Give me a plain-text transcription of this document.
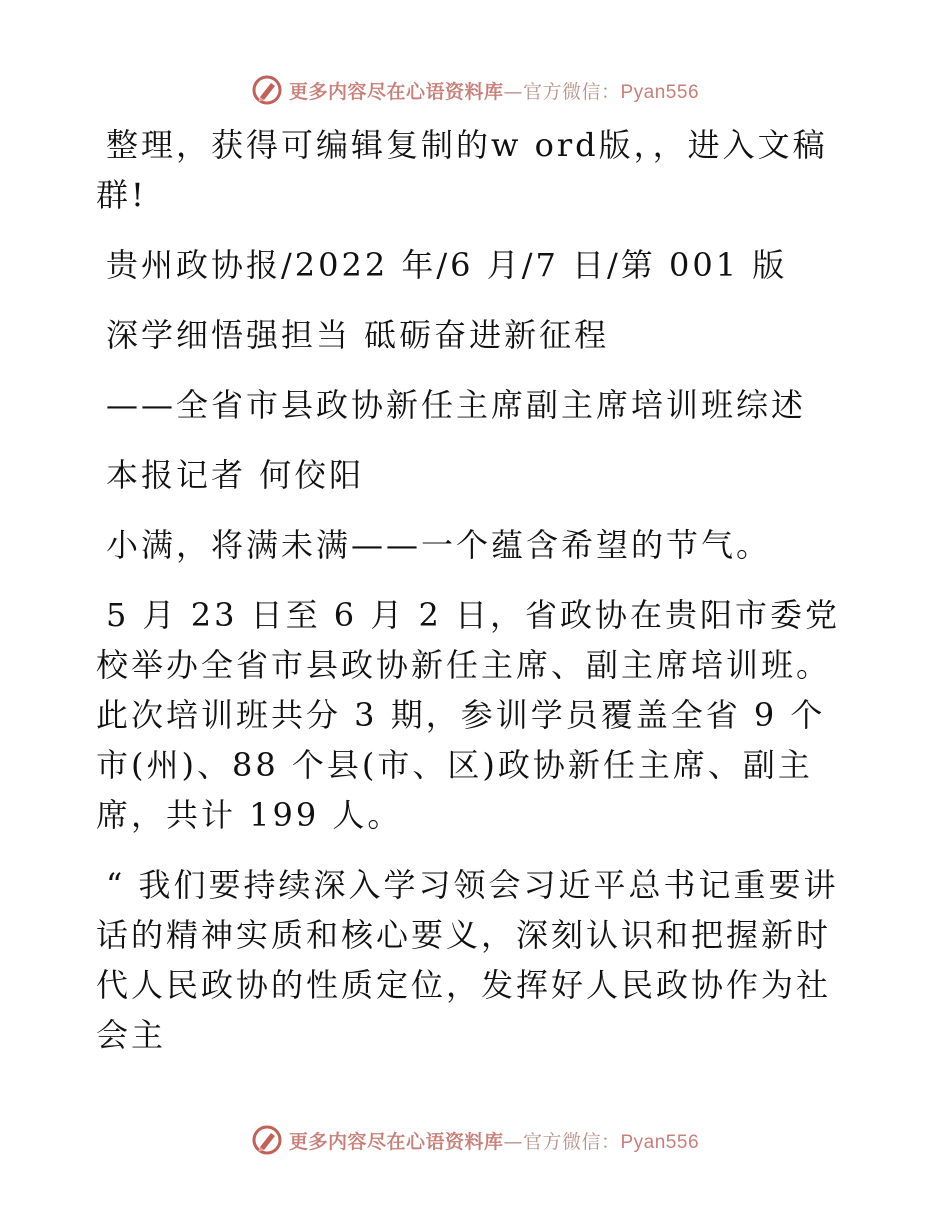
更多内容尽在心语资料库—官方微信：Pyan556

整理，获得可编辑复制的w ord版，，进入文稿群!

贵州政协报/2022 年/6 月/7 日/第 001 版

深学细悟强担当 砥砺奋进新征程

——全省市县政协新任主席副主席培训班综述

本报记者 何佼阳

小满，将满未满——一个蕴含希望的节气。

5 月 23 日至 6 月 2 日，省政协在贵阳市委党校举办全省市县政协新任主席、副主席培训班。此次培训班共分 3 期，参训学员覆盖全省 9 个市(州)、88 个县(市、区)政协新任主席、副主席，共计 199 人。

“ 我们要持续深入学习领会习近平总书记重要讲话的精神实质和核心要义，深刻认识和把握新时代人民政协的性质定位，发挥好人民政协作为社会主

更多内容尽在心语资料库—官方微信：Pyan556
